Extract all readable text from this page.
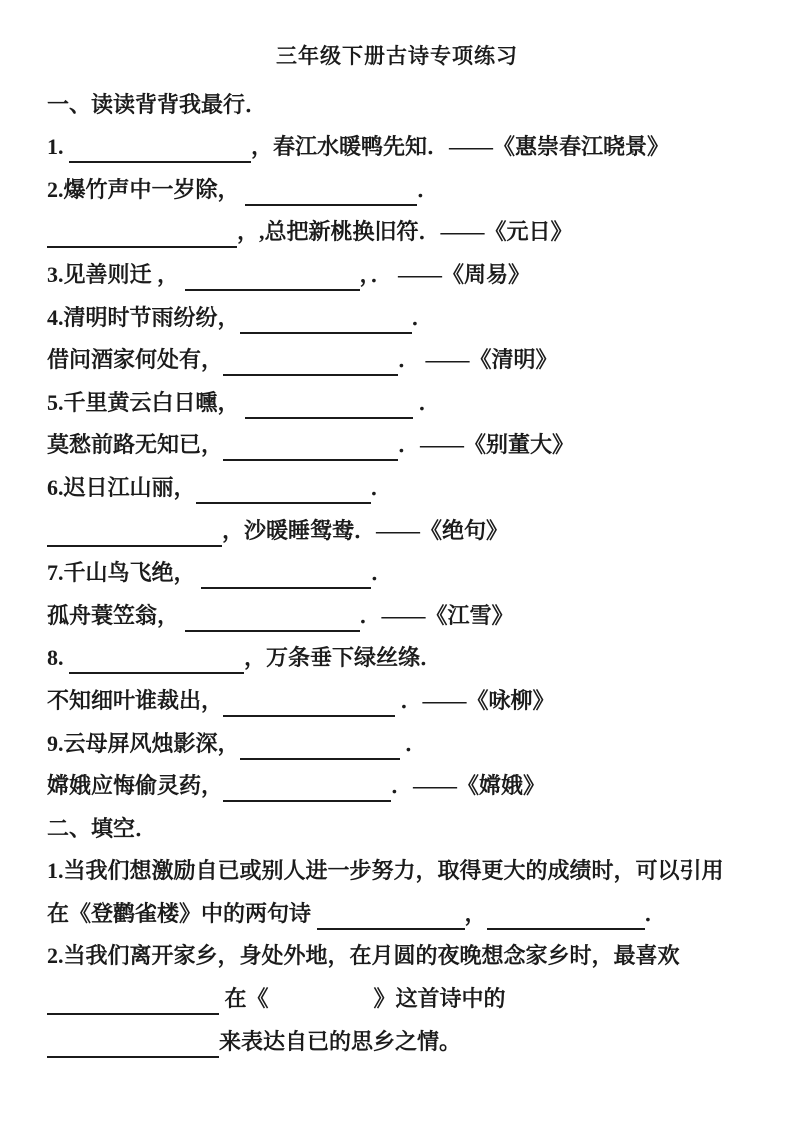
三年级下册古诗专项练习
一、读读背背我最行．
1.	，春江水暖鸭先知．——《惠崇春江晓景》
2.爆竹声中一岁除，	．
，,总把新桃换旧符．——《元日》
3.见善则迁 ，	，． ——《周易》
4.清明时节雨纷纷，	．
借问酒家何处有，	． ——《清明》
5.千里黄云白日曛，	．
莫愁前路无知已，	．——《别董大》
6.迟日江山丽，	．
，沙暖睡鸳鸯．——《绝句》
7.千山鸟飞绝，	．
孤舟蓑笠翁，	．——《江雪》
8.	，万条垂下绿丝绦．
不知细叶谁裁出，	．——《咏柳》
9.云母屏风烛影深，	．
嫦娥应悔偷灵药，	．——《嫦娥》
二、填空．
1.当我们想激励自已或别人进一步努力，取得更大的成绩时，可以引用
在《登鹳雀楼》中的两句诗	，	．
2.当我们离开家乡，身处外地，在月圆的夜晚想念家乡时，最喜欢
在《	》这首诗中的
来表达自已的思乡之情。
